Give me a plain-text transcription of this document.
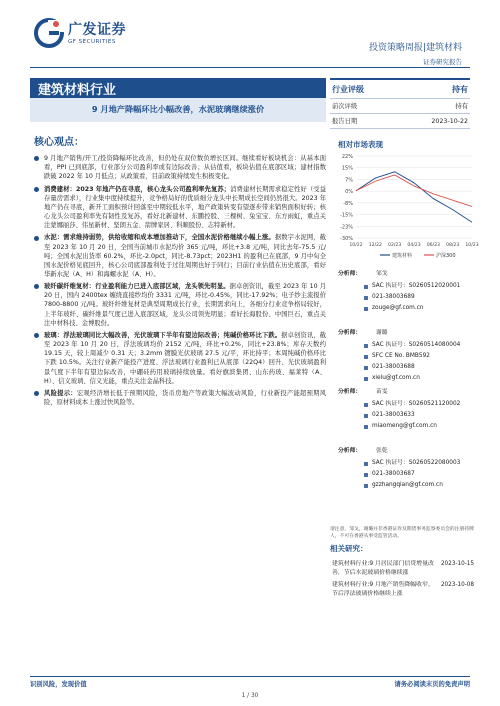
广发证券
GF SECURITIES
投资策略周报|建筑材料
证券研究报告
建筑材料行业
9 月地产降幅环比小幅改善，水泥玻璃继续涨价
行业评级	持有
前次评级	持有
报告日期	2023-10-22
核心观点：
9 月地产销售/开工/投资降幅环比改善，但仍处在双位数负增长区间。继续看好板块机会：从基本面看，PPI 已到底部，行业部分公司盈利率或有边际改善；从估值看，板块估值在底部区域；建材指数跌破 2022 年 10 月低点；从政策看，目前政策持续发生积极变化。
消费建材：2023 年地产仍在寻底，核心龙头公司盈利率先复苏；消费建材长期需求稳定性好（受益存量房需求），行业集中度持续提升，竞争格局好的优质细分龙头中长期成长空间仍然很大。2023 年地产仍在寻底，新开工面积预计回落至中期较低水平，地产政策转变有望逐步带来销售面积好转；核心龙头公司盈利率先有韧性及复苏，看好北新建材、东鹏控股、三棵树、兔宝宝、东方雨虹，重点关注蒙娜丽莎、伟星新材、坚朗五金、箭牌家居、科顺股份、志特新材。
水泥：需求维持弱势，供给收缩和成本增加推动下，全国水泥价格继续小幅上涨。据数字水泥网，截至 2023 年 10 月 20 日，全国当前城市水泥均价 365 元/吨，环比+3.8 元/吨，同比去年-75.5 元/吨；全国水泥出货率 60.2%，环比-2.0pct，同比-8.73pct；2023H1 的盈利已在底部，9 月中旬全国水泥价格见底回升，核心公司底部盈利处于过往周期也好于同行；目前行业估值在历史底部，看好华新水泥（A、H）和海螺水泥（A、H）。
玻纤碳纤维复材：行业盈利能力已进入底部区域，龙头领先明显。据卓创资讯，截至 2023 年 10 月 20 日，国内 2400tex 缠绕直接纱均价 3331 元/吨，环比-0.45%，同比-17.92%；电子纱主流报价 7800-8800 元/吨。玻纤纤维复材是典型周期成长行业，长期需求向上，各细分行业竞争格局较好，上半年玻纤、碳纤维景气度已进入底部区域，龙头公司领先明显；看好长海股份、中国巨石，重点关注中材科技、金博股份。
玻璃：浮法玻璃同比大幅改善，光伏玻璃下半年有望边际改善；纯碱价格环比下跌。据卓创资讯，截至 2023 年 10 月 20 日，浮法玻璃均价 2152 元/吨，环比+0.2%，同比+23.8%；库存天数约 19.15 天，较上周减少 0.31 天；3.2mm 镀膜光伏玻璃 27.5 元/平，环比持平；本周纯碱价格环比下跌 10.5%。关注行业新产能投产进度、浮法玻璃行业盈利已从底部（22Q4）回升、光伏玻璃盈利景气度下半年有望边际改善，中硼硅药用玻璃持续放量。看好旗滨集团、山东药玻、福莱特（A、H）、信义玻璃、信义光能，重点关注金晶科技。
风险提示：宏观经济增长低于预期风险，货币房地产等政策大幅波动风险，行业新投产能超预期风险，原材料成本上涨过快风险等。
相对市场表现
22%
15%
7%
0%
-8%
-15%
-23%
-30%
10/22 12/22 02/23 04/23 06/23 08/23 10/23
建筑材料	沪深300
分析师：	邹戈
SAC 执证号：S0260512020001
021-38003689
zouge@gf.com.cn
分析师：	谢璐
SAC 执证号：S0260514080004
SFC CE No. BMB592
021-38003688
xielu@gf.com.cn
分析师：	苗雯
SAC 执证号：S0260521120002
021-38003633
miaomeng@gf.com.cn
分析师：	张乾
SAC 执证号：S0260522080003
021-38003687
gzzhangqian@gf.com.cn
请注意，邹戈，谢璐并非香港证券及期货事务监察委员会的注册持牌人，不可在香港从事受监管活动。
相关研究：
建筑材料行业:9 月居民部门信贷增量改善，节后水泥玻璃价格继续涨
2023-10-15
建筑材料行业:9 月地产销售降幅收窄，节后浮法玻璃价格继续上涨
2023-10-08
识别风险，发现价值	请务必阅读末页的免责声明
1 / 30
